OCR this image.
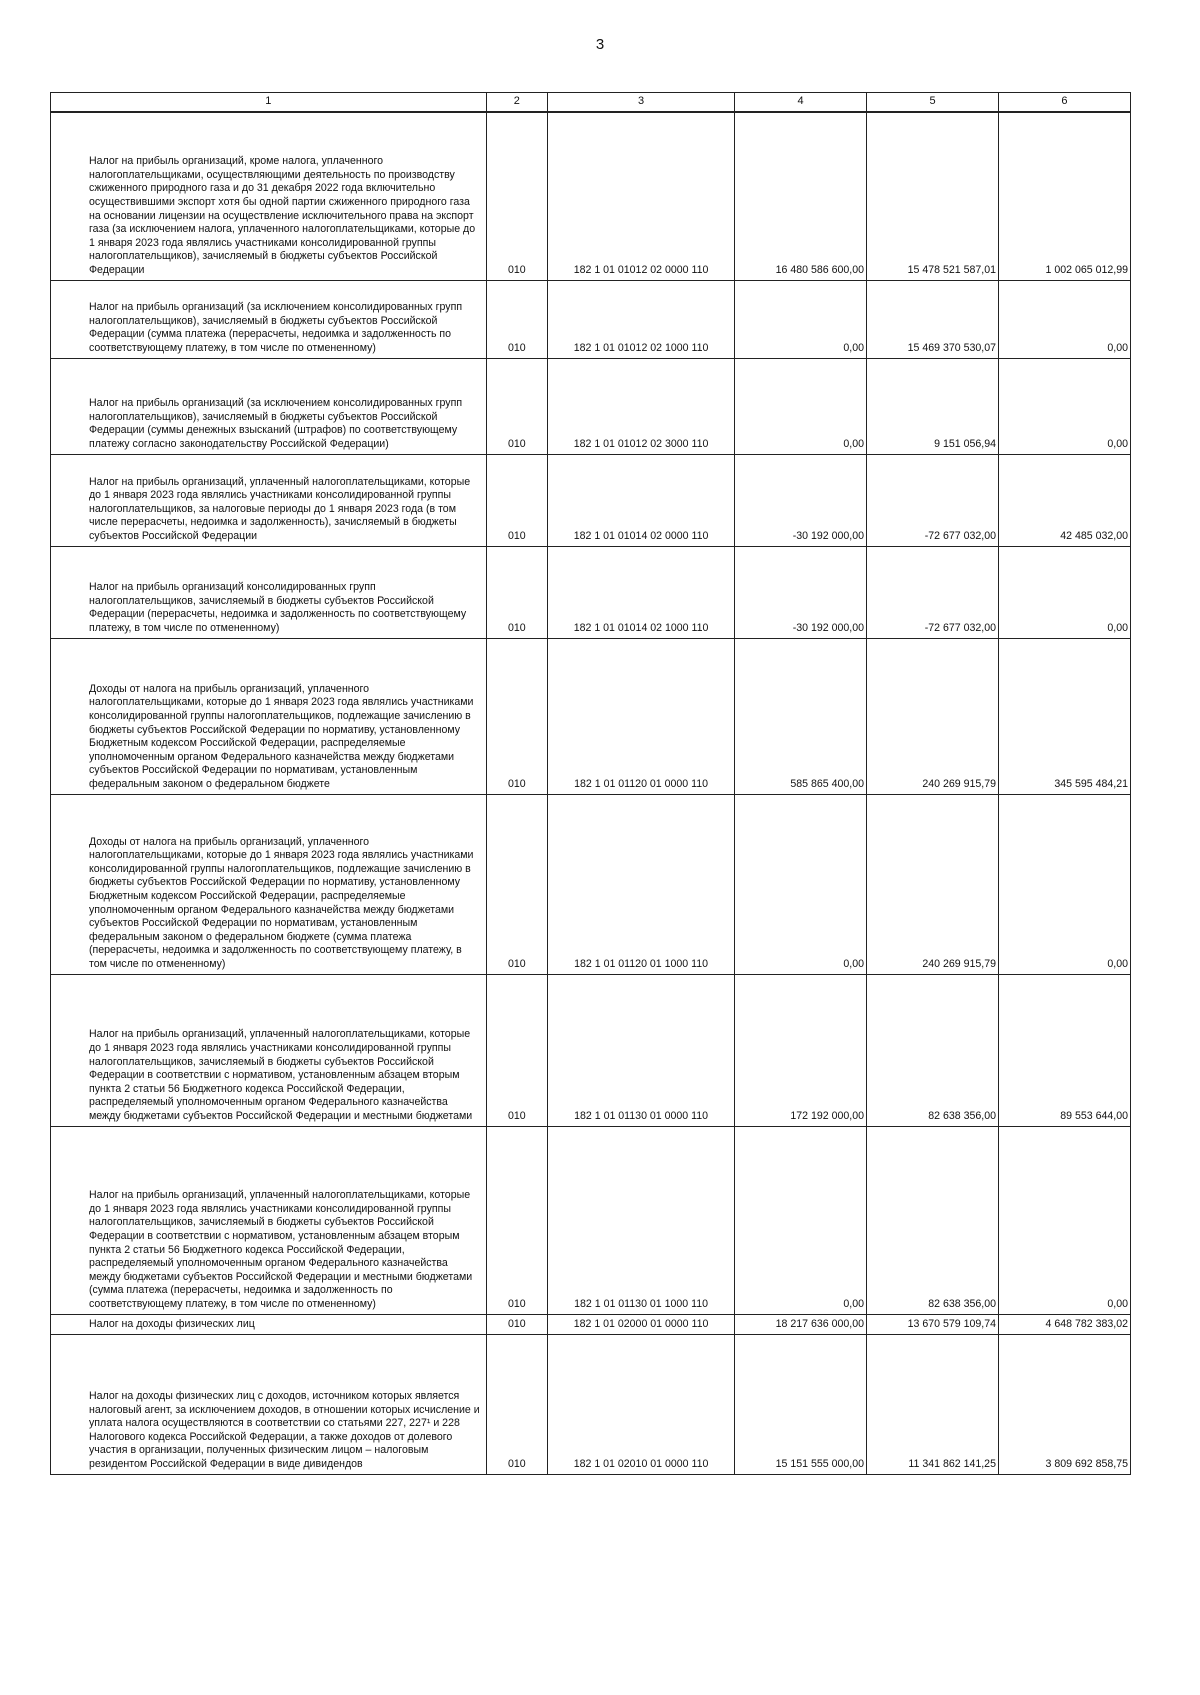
3
1	2	3	4	5	6
Налог на прибыль организаций, кроме налога, уплаченного налогоплательщиками, осуществляющими деятельность по производству сжиженного природного газа и до 31 декабря 2022 года включительно осуществившими экспорт хотя бы одной партии сжиженного природного газа на основании лицензии на осуществление исключительного права на экспорт газа (за исключением налога, уплаченного налогоплательщиками, которые до 1 января 2023 года являлись участниками консолидированной группы налогоплательщиков), зачисляемый в бюджеты субъектов Российской Федерации	010	182 1 01 01012 02 0000 110	16 480 586 600,00	15 478 521 587,01	1 002 065 012,99
Налог на прибыль организаций (за исключением консолидированных групп налогоплательщиков), зачисляемый в бюджеты субъектов Российской Федерации (сумма платежа (перерасчеты, недоимка и задолженность по соответствующему платежу, в том числе по отмененному)	010	182 1 01 01012 02 1000 110	0,00	15 469 370 530,07	0,00
Налог на прибыль организаций (за исключением консолидированных групп налогоплательщиков), зачисляемый в бюджеты субъектов Российской Федерации (суммы денежных взысканий (штрафов) по соответствующему платежу согласно законодательству Российской Федерации)	010	182 1 01 01012 02 3000 110	0,00	9 151 056,94	0,00
Налог на прибыль организаций, уплаченный налогоплательщиками, которые до 1 января 2023 года являлись участниками консолидированной группы налогоплательщиков, за налоговые периоды до 1 января 2023 года (в том числе перерасчеты, недоимка и задолженность), зачисляемый в бюджеты субъектов Российской Федерации	010	182 1 01 01014 02 0000 110	-30 192 000,00	-72 677 032,00	42 485 032,00
Налог на прибыль организаций консолидированных групп налогоплательщиков, зачисляемый в бюджеты субъектов Российской Федерации (перерасчеты, недоимка и задолженность по соответствующему платежу, в том числе по отмененному)	010	182 1 01 01014 02 1000 110	-30 192 000,00	-72 677 032,00	0,00
Доходы от налога на прибыль организаций, уплаченного налогоплательщиками, которые до 1 января 2023 года являлись участниками консолидированной группы налогоплательщиков, подлежащие зачислению в бюджеты субъектов Российской Федерации по нормативу, установленному Бюджетным кодексом Российской Федерации, распределяемые уполномоченным органом Федерального казначейства между бюджетами субъектов Российской Федерации по нормативам, установленным федеральным законом о федеральном бюджете	010	182 1 01 01120 01 0000 110	585 865 400,00	240 269 915,79	345 595 484,21
Доходы от налога на прибыль организаций, уплаченного налогоплательщиками, которые до 1 января 2023 года являлись участниками консолидированной группы налогоплательщиков, подлежащие зачислению в бюджеты субъектов Российской Федерации по нормативу, установленному Бюджетным кодексом Российской Федерации, распределяемые уполномоченным органом Федерального казначейства между бюджетами субъектов Российской Федерации по нормативам, установленным федеральным законом о федеральном бюджете (сумма платежа (перерасчеты, недоимка и задолженность по соответствующему платежу, в том числе по отмененному)	010	182 1 01 01120 01 1000 110	0,00	240 269 915,79	0,00
Налог на прибыль организаций, уплаченный налогоплательщиками, которые до 1 января 2023 года являлись участниками консолидированной группы налогоплательщиков, зачисляемый в бюджеты субъектов Российской Федерации в соответствии с нормативом, установленным абзацем вторым пункта 2 статьи 56 Бюджетного кодекса Российской Федерации, распределяемый уполномоченным органом Федерального казначейства между бюджетами субъектов Российской Федерации и местными бюджетами	010	182 1 01 01130 01 0000 110	172 192 000,00	82 638 356,00	89 553 644,00
Налог на прибыль организаций, уплаченный налогоплательщиками, которые до 1 января 2023 года являлись участниками консолидированной группы налогоплательщиков, зачисляемый в бюджеты субъектов Российской Федерации в соответствии с нормативом, установленным абзацем вторым пункта 2 статьи 56 Бюджетного кодекса Российской Федерации, распределяемый уполномоченным органом Федерального казначейства между бюджетами субъектов Российской Федерации и местными бюджетами (сумма платежа (перерасчеты, недоимка и задолженность по соответствующему платежу, в том числе по отмененному)	010	182 1 01 01130 01 1000 110	0,00	82 638 356,00	0,00
Налог на доходы физических лиц	010	182 1 01 02000 01 0000 110	18 217 636 000,00	13 670 579 109,74	4 648 782 383,02
Налог на доходы физических лиц с доходов, источником которых является налоговый агент, за исключением доходов, в отношении которых исчисление и уплата налога осуществляются в соответствии со статьями 227, 227¹ и 228 Налогового кодекса Российской Федерации, а также доходов от долевого участия в организации, полученных физическим лицом – налоговым резидентом Российской Федерации в виде дивидендов	010	182 1 01 02010 01 0000 110	15 151 555 000,00	11 341 862 141,25	3 809 692 858,75
